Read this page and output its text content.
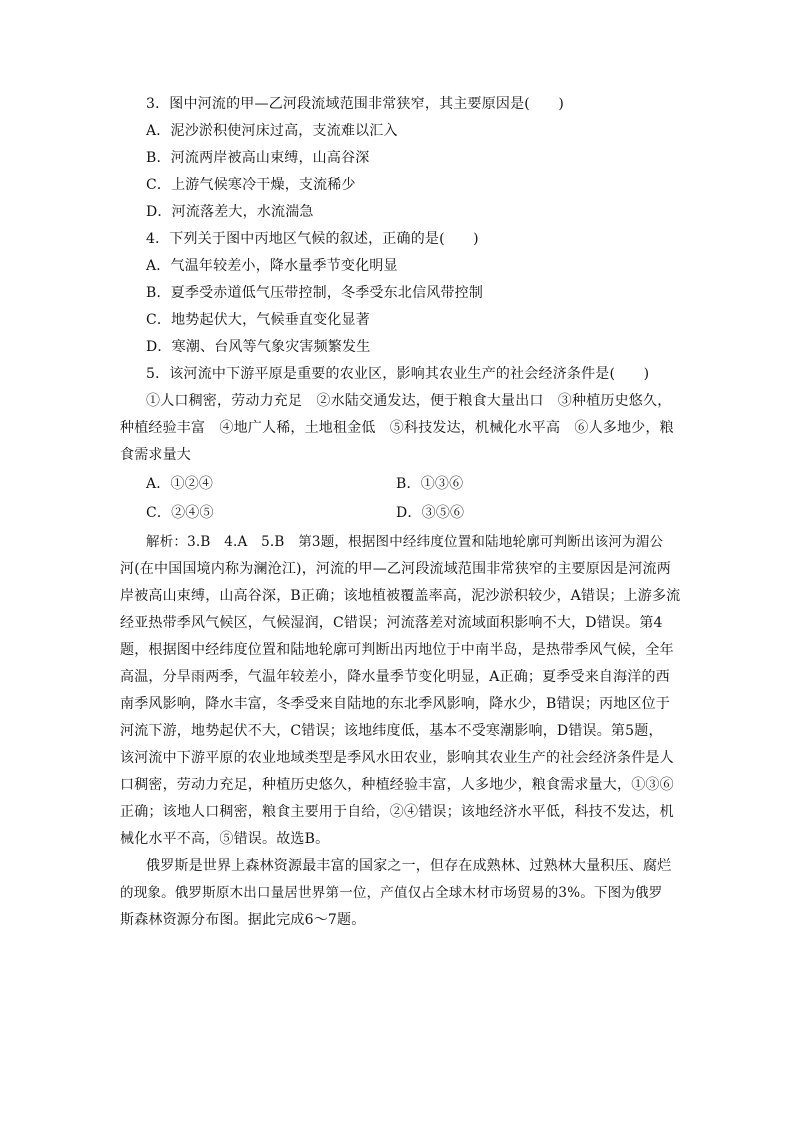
3．图中河流的甲—乙河段流域范围非常狭窄，其主要原因是(　　)
A．泥沙淤积使河床过高，支流难以汇入
B．河流两岸被高山束缚，山高谷深
C．上游气候寒冷干燥，支流稀少
D．河流落差大，水流湍急
4．下列关于图中丙地区气候的叙述，正确的是(　　)
A．气温年较差小，降水量季节变化明显
B．夏季受赤道低气压带控制，冬季受东北信风带控制
C．地势起伏大，气候垂直变化显著
D．寒潮、台风等气象灾害频繁发生
5．该河流中下游平原是重要的农业区，影响其农业生产的社会经济条件是(　　)
①人口稠密，劳动力充足　②水陆交通发达，便于粮食大量出口　③种植历史悠久，
种植经验丰富　④地广人稀，土地租金低　⑤科技发达，机械化水平高　⑥人多地少，粮
食需求量大
A．①②④	B．①③⑥
C．②④⑤	D．③⑤⑥
解析：3.B　4.A　5.B　第3题，根据图中经纬度位置和陆地轮廓可判断出该河为湄公
河(在中国国境内称为澜沧江)，河流的甲—乙河段流域范围非常狭窄的主要原因是河流两
岸被高山束缚，山高谷深，B正确；该地植被覆盖率高，泥沙淤积较少，A错误；上游多流
经亚热带季风气候区，气候湿润，C错误；河流落差对流域面积影响不大，D错误。第4
题，根据图中经纬度位置和陆地轮廓可判断出丙地位于中南半岛，是热带季风气候，全年
高温，分旱雨两季，气温年较差小，降水量季节变化明显，A正确；夏季受来自海洋的西
南季风影响，降水丰富，冬季受来自陆地的东北季风影响，降水少，B错误；丙地区位于
河流下游，地势起伏不大，C错误；该地纬度低，基本不受寒潮影响，D错误。第5题，
该河流中下游平原的农业地域类型是季风水田农业，影响其农业生产的社会经济条件是人
口稠密，劳动力充足，种植历史悠久，种植经验丰富，人多地少，粮食需求量大，①③⑥
正确；该地人口稠密，粮食主要用于自给，②④错误；该地经济水平低，科技不发达，机
械化水平不高，⑤错误。故选B。
俄罗斯是世界上森林资源最丰富的国家之一，但存在成熟林、过熟林大量积压、腐烂
的现象。俄罗斯原木出口量居世界第一位，产值仅占全球木材市场贸易的3%。下图为俄罗
斯森林资源分布图。据此完成6～7题。
